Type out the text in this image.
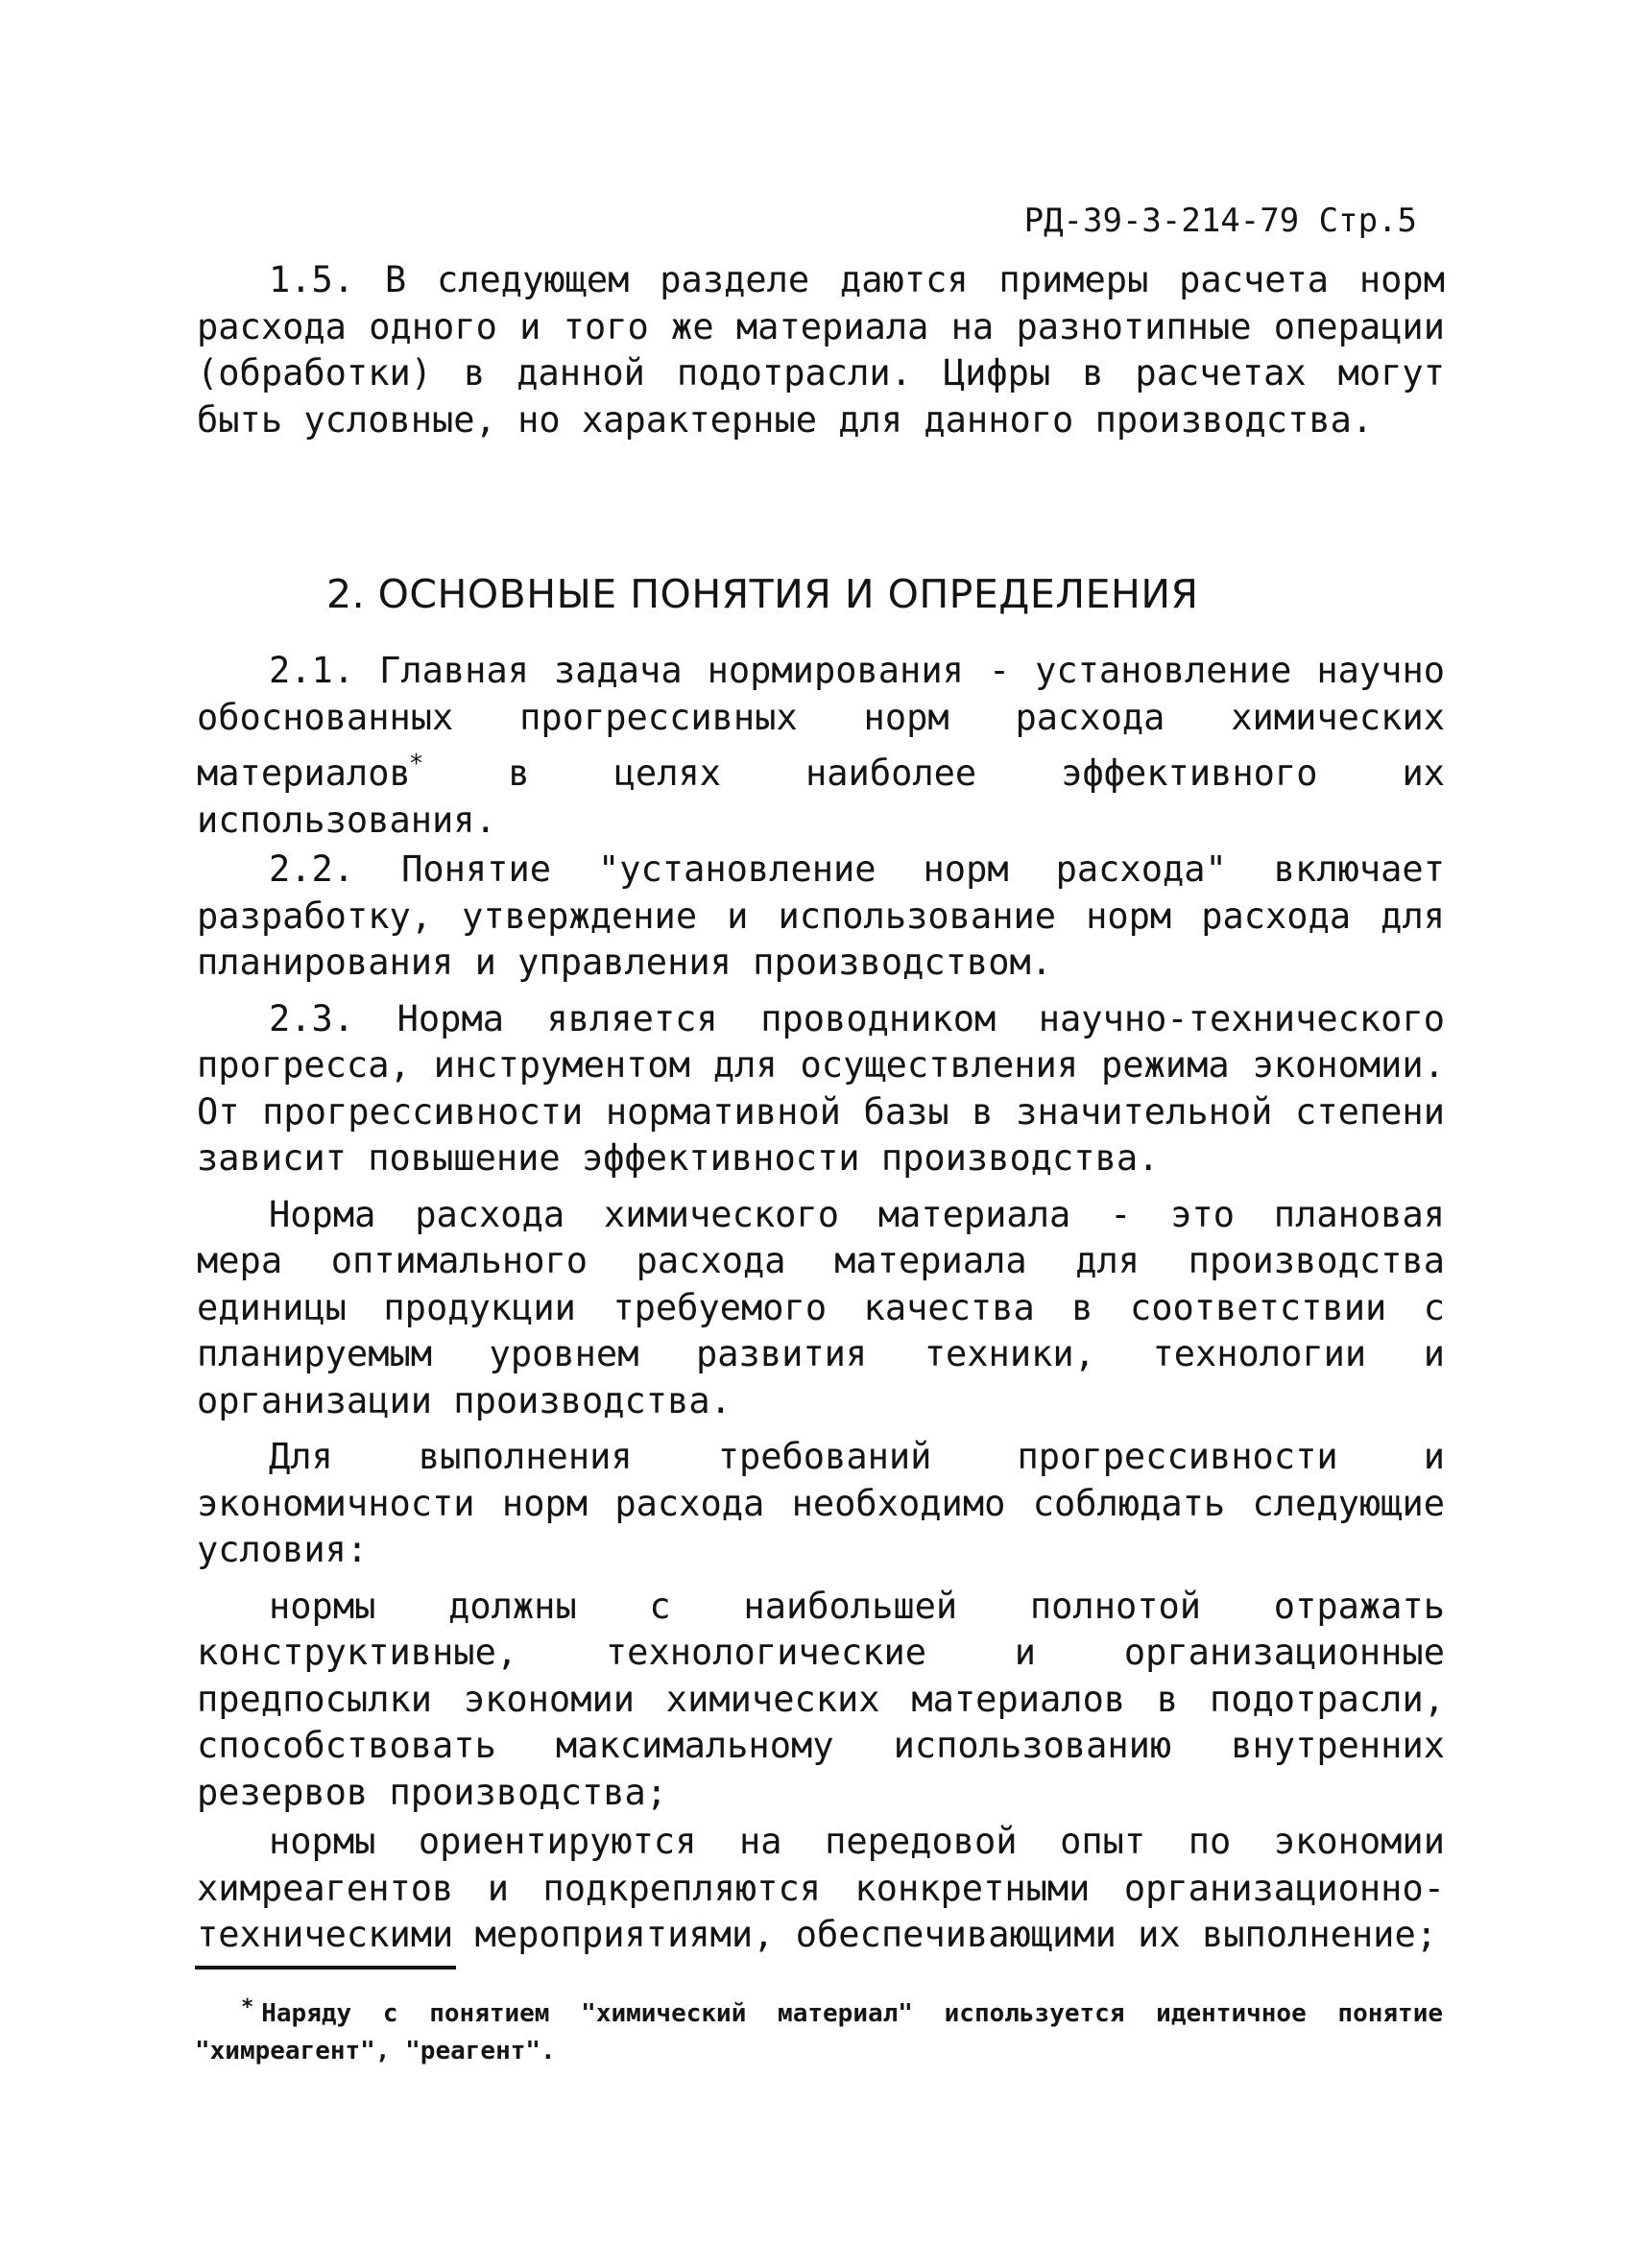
РД-39-3-214-79 Стр.5

1.5. В следующем разделе даются примеры расчета норм расхода одного и того же материала на разнотипные операции (обработки) в данной подотрасли. Цифры в расчетах могут быть условные, но характерные для данного производства.

2. ОСНОВНЫЕ ПОНЯТИЯ И ОПРЕДЕЛЕНИЯ

2.1. Главная задача нормирования - установление научно обоснованных прогрессивных норм расхода химических материалов* в целях наиболее эффективного их использования.

2.2. Понятие "установление норм расхода" включает разработку, утверждение и использование норм расхода для планирования и управления производством.

2.3. Норма является проводником научно-технического прогресса, инструментом для осуществления режима экономии. От прогрессивности нормативной базы в значительной степени зависит повышение эффективности производства.

Норма расхода химического материала - это плановая мера оптимального расхода материала для производства единицы продукции требуемого качества в соответствии с планируемым уровнем развития техники, технологии и организации производства.

Для выполнения требований прогрессивности и экономичности норм расхода необходимо соблюдать следующие условия:

нормы должны с наибольшей полнотой отражать конструктивные, технологические и организационные предпосылки экономии химических материалов в подотрасли, способствовать максимальному использованию внутренних резервов производства;

нормы ориентируются на передовой опыт по экономии химреагентов и подкрепляются конкретными организационно-техническими мероприятиями, обеспечивающими их выполнение;

* Наряду с понятием "химический материал" используется идентичное понятие "химреагент", "реагент".
